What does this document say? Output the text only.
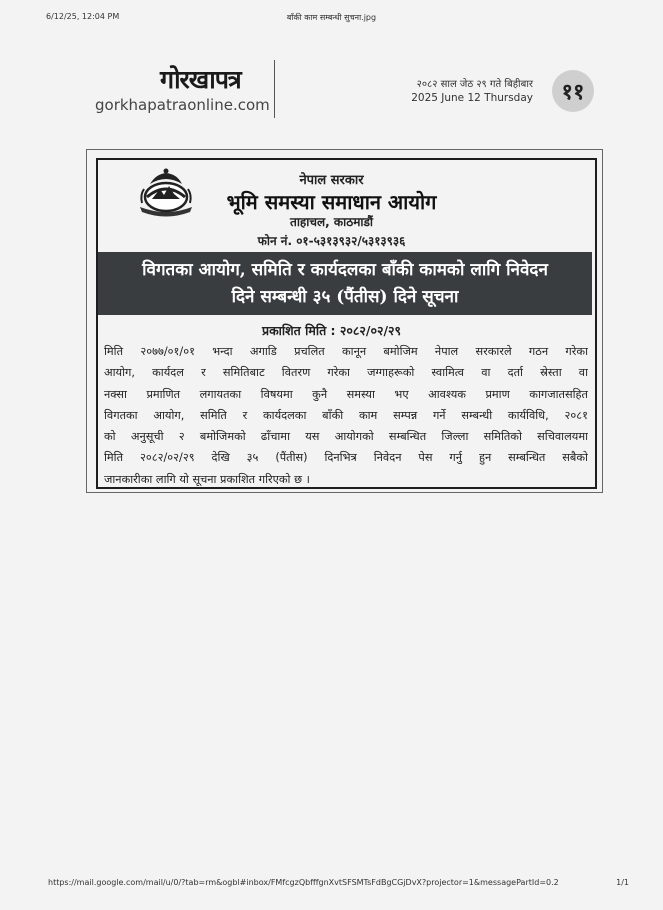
6/12/25, 12:04 PM	बाँकी काम सम्बन्धी सुचना.jpg
गोरखापत्र
gorkhapatraonline.com
२०८२ साल जेठ २९ गते बिहीबार
2025 June 12 Thursday	११
नेपाल सरकार
भूमि समस्या समाधान आयोग
ताहाचल, काठमाडौं
फोन नं. ०१-५३१३९३२/५३१३९३६
विगतका आयोग, समिति र कार्यदलका बाँकी कामको लागि निवेदन
दिने सम्बन्धी ३५ (पैंतीस) दिने सूचना
प्रकाशित मिति : २०८२/०२/२९

मिति २०७७/०१/०१ भन्दा अगाडि प्रचलित कानून बमोजिम नेपाल सरकारले गठन गरेका
आयोग, कार्यदल र समितिबाट वितरण गरेका जग्गाहरूको स्वामित्व वा दर्ता स्रेस्ता वा
नक्सा प्रमाणित लगायतका विषयमा कुनै समस्या भए आवश्यक प्रमाण कागजातसहित
विगतका आयोग, समिति र कार्यदलका बाँकी काम सम्पन्न गर्ने सम्बन्धी कार्यविधि, २०८१
को अनुसूची २ बमोजिमको ढाँचामा यस आयोगको सम्बन्धित जिल्ला समितिको सचिवालयमा
मिति २०८२/०२/२९ देखि ३५ (पैंतीस) दिनभित्र निवेदन पेस गर्नु हुन सम्बन्धित सबैको
जानकारीका लागि यो सूचना प्रकाशित गरिएको छ ।

https://mail.google.com/mail/u/0/?tab=rm&ogbl#inbox/FMfcgzQbfffgnXvtSFSMTsFdBgCGjDvX?projector=1&messagePartId=0.2	1/1
